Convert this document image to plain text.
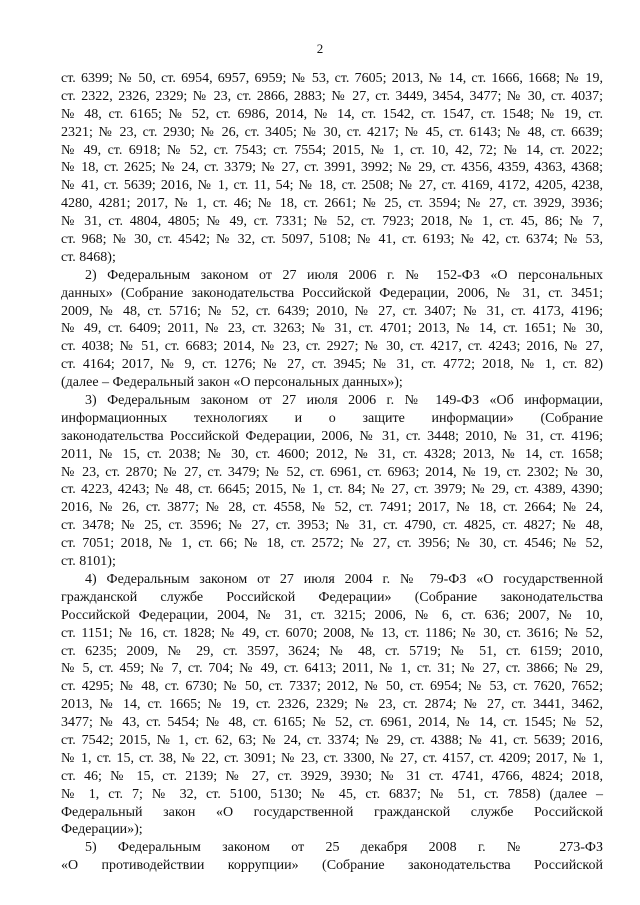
2
ст. 6399; № 50, ст. 6954, 6957, 6959; № 53, ст. 7605; 2013, № 14, ст. 1666, 1668; № 19,
ст. 2322, 2326, 2329; № 23, ст. 2866, 2883; № 27, ст. 3449, 3454, 3477; № 30, ст. 4037;
№ 48, ст. 6165; № 52, ст. 6986, 2014, № 14, ст. 1542, ст. 1547, ст. 1548; № 19, ст.
2321; № 23, ст. 2930; № 26, ст. 3405; № 30, ст. 4217; № 45, ст. 6143; № 48, ст. 6639;
№ 49, ст. 6918; № 52, ст. 7543; ст. 7554; 2015, № 1, ст. 10, 42, 72; № 14, ст. 2022;
№ 18, ст. 2625; № 24, ст. 3379; № 27, ст. 3991, 3992; № 29, ст. 4356, 4359, 4363, 4368;
№ 41, ст. 5639; 2016, № 1, ст. 11, 54; № 18, ст. 2508; № 27, ст. 4169, 4172, 4205, 4238,
4280, 4281; 2017, № 1, ст. 46; № 18, ст. 2661; № 25, ст. 3594; № 27, ст. 3929, 3936;
№ 31, ст. 4804, 4805; № 49, ст. 7331; № 52, ст. 7923; 2018, № 1, ст. 45, 86; № 7,
ст. 968; № 30, ст. 4542; № 32, ст. 5097, 5108; № 41, ст. 6193; № 42, ст. 6374; № 53,
ст. 8468);
2) Федеральным законом от 27 июля 2006 г. № 152-ФЗ «О персональных
данных» (Собрание законодательства Российской Федерации, 2006, № 31, ст. 3451;
2009, № 48, ст. 5716; № 52, ст. 6439; 2010, № 27, ст. 3407; № 31, ст. 4173, 4196;
№ 49, ст. 6409; 2011, № 23, ст. 3263; № 31, ст. 4701; 2013, № 14, ст. 1651; № 30,
ст. 4038; № 51, ст. 6683; 2014, № 23, ст. 2927; № 30, ст. 4217, ст. 4243; 2016, № 27,
ст. 4164; 2017, № 9, ст. 1276; № 27, ст. 3945; № 31, ст. 4772; 2018, № 1, ст. 82)
(далее – Федеральный закон «О персональных данных»);
3) Федеральным законом от 27 июля 2006 г. № 149-ФЗ «Об информации,
информационных технологиях и о защите информации» (Собрание
законодательства Российской Федерации, 2006, № 31, ст. 3448; 2010, № 31, ст. 4196;
2011, № 15, ст. 2038; № 30, ст. 4600; 2012, № 31, ст. 4328; 2013, № 14, ст. 1658;
№ 23, ст. 2870; № 27, ст. 3479; № 52, ст. 6961, ст. 6963; 2014, № 19, ст. 2302; № 30,
ст. 4223, 4243; № 48, ст. 6645; 2015, № 1, ст. 84; № 27, ст. 3979; № 29, ст. 4389, 4390;
2016, № 26, ст. 3877; № 28, ст. 4558, № 52, ст. 7491; 2017, № 18, ст. 2664; № 24,
ст. 3478; № 25, ст. 3596; № 27, ст. 3953; № 31, ст. 4790, ст. 4825, ст. 4827; № 48,
ст. 7051; 2018, № 1, ст. 66; № 18, ст. 2572; № 27, ст. 3956; № 30, ст. 4546; № 52,
ст. 8101);
4) Федеральным законом от 27 июля 2004 г. № 79-ФЗ «О государственной
гражданской службе Российской Федерации» (Собрание законодательства
Российской Федерации, 2004, № 31, ст. 3215; 2006, № 6, ст. 636; 2007, № 10,
ст. 1151; № 16, ст. 1828; № 49, ст. 6070; 2008, № 13, ст. 1186; № 30, ст. 3616; № 52,
ст. 6235; 2009, № 29, ст. 3597, 3624; № 48, ст. 5719; № 51, ст. 6159; 2010,
№ 5, ст. 459; № 7, ст. 704; № 49, ст. 6413; 2011, № 1, ст. 31; № 27, ст. 3866; № 29,
ст. 4295; № 48, ст. 6730; № 50, ст. 7337; 2012, № 50, ст. 6954; № 53, ст. 7620, 7652;
2013, № 14, ст. 1665; № 19, ст. 2326, 2329; № 23, ст. 2874; № 27, ст. 3441, 3462,
3477; № 43, ст. 5454; № 48, ст. 6165; № 52, ст. 6961, 2014, № 14, ст. 1545; № 52,
ст. 7542; 2015, № 1, ст. 62, 63; № 24, ст. 3374; № 29, ст. 4388; № 41, ст. 5639; 2016,
№ 1, ст. 15, ст. 38, № 22, ст. 3091; № 23, ст. 3300, № 27, ст. 4157, ст. 4209; 2017, № 1,
ст. 46; № 15, ст. 2139; № 27, ст. 3929, 3930; № 31 ст. 4741, 4766, 4824; 2018,
№ 1, ст. 7; № 32, ст. 5100, 5130; № 45, ст. 6837; № 51, ст. 7858) (далее –
Федеральный закон «О государственной гражданской службе Российской
Федерации»);
5) Федеральным законом от 25 декабря 2008 г. № 273-ФЗ
«О противодействии коррупции» (Собрание законодательства Российской
